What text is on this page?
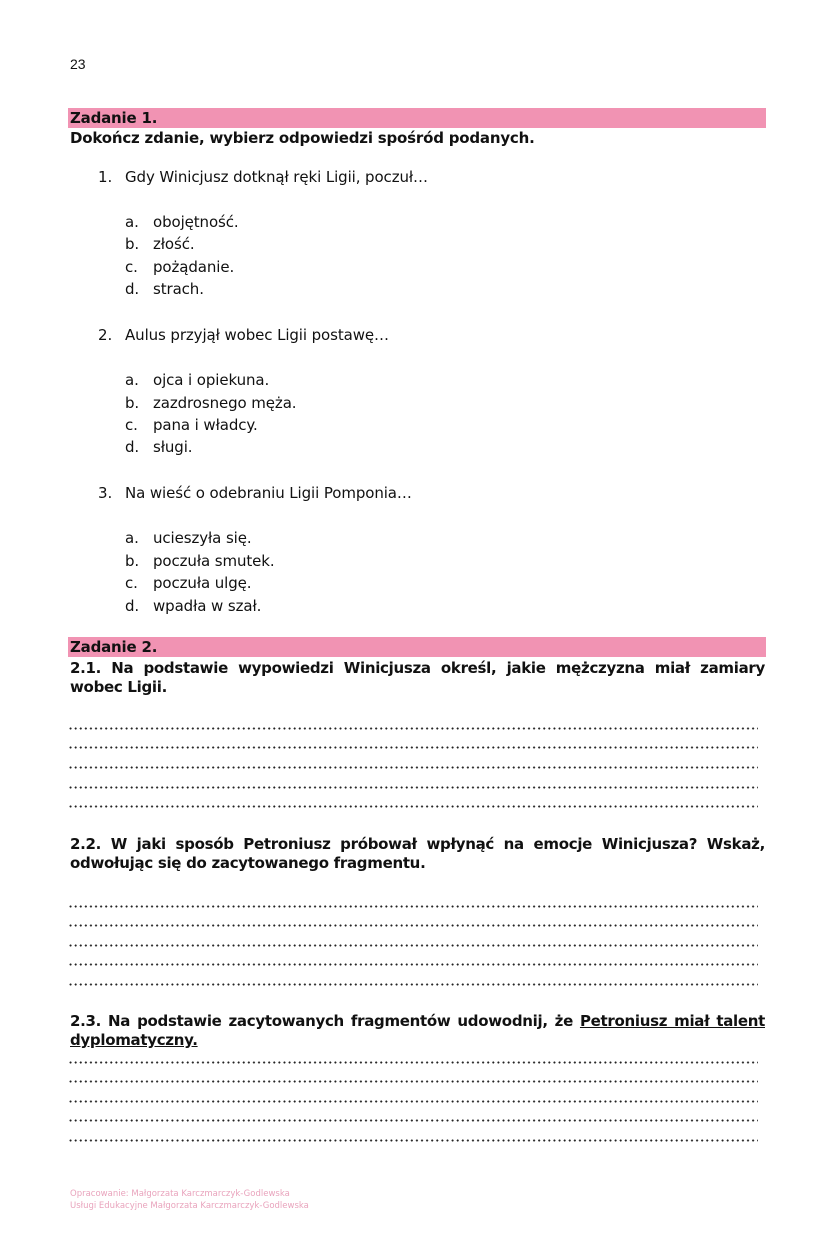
23
Zadanie 1.
Dokończ zdanie, wybierz odpowiedzi spośród podanych.
1. Gdy Winicjusz dotknął ręki Ligii, poczuł…
a. obojętność.
b. złość.
c. pożądanie.
d. strach.
2. Aulus przyjął wobec Ligii postawę…
a. ojca i opiekuna.
b. zazdrosnego męża.
c. pana i władcy.
d. sługi.
3. Na wieść o odebraniu Ligii Pomponia…
a. ucieszyła się.
b. poczuła smutek.
c. poczuła ulgę.
d. wpadła w szał.
Zadanie 2.
2.1. Na podstawie wypowiedzi Winicjusza określ, jakie mężczyzna miał zamiary wobec Ligii.
2.2. W jaki sposób Petroniusz próbował wpłynąć na emocje Winicjusza? Wskaż, odwołując się do zacytowanego fragmentu.
2.3. Na podstawie zacytowanych fragmentów udowodnij, że Petroniusz miał talent dyplomatyczny.
Opracowanie: Małgorzata Karczmarczyk-Godlewska
Usługi Edukacyjne Małgorzata Karczmarczyk-Godlewska
